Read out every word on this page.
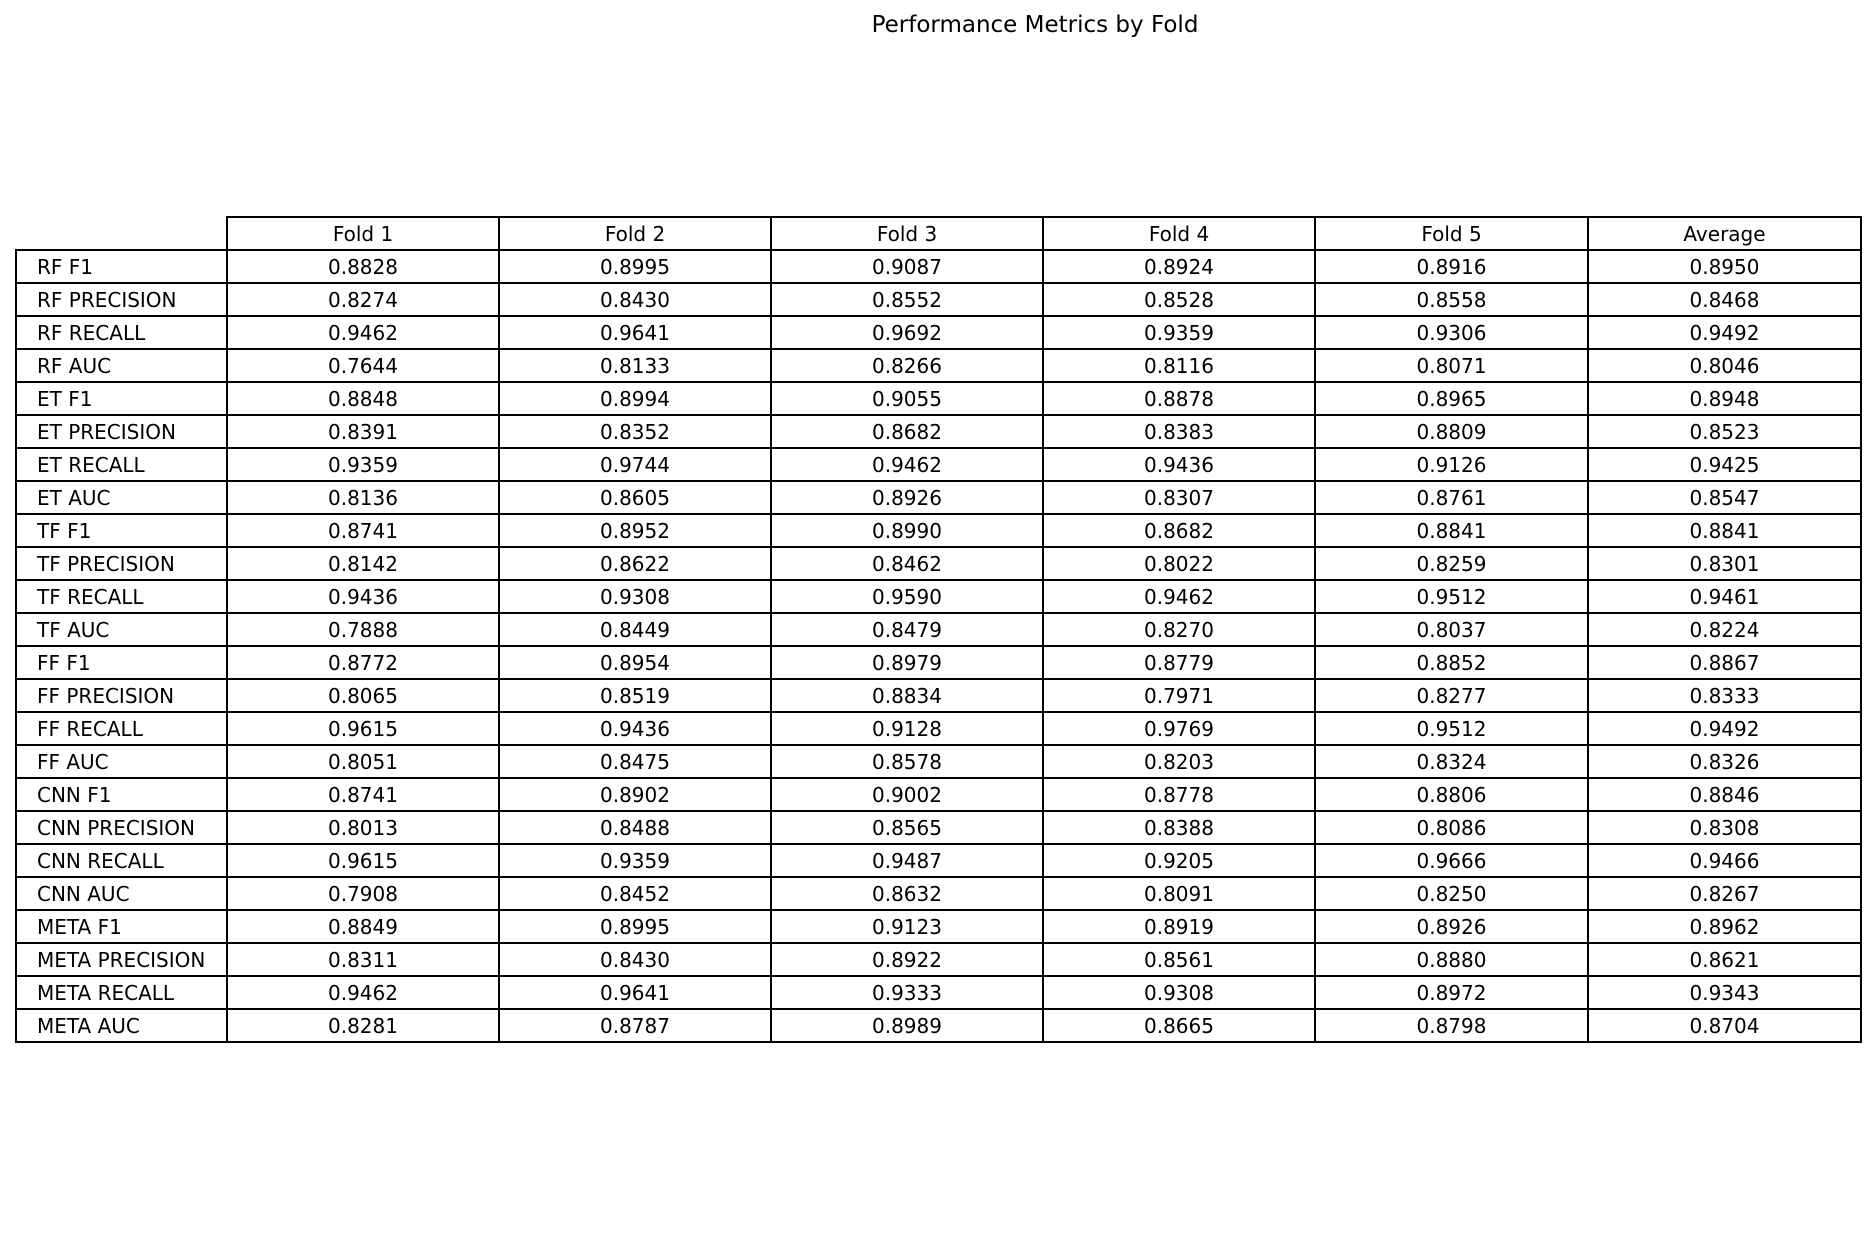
Performance Metrics by Fold
	Fold 1	Fold 2	Fold 3	Fold 4	Fold 5	Average
RF F1	0.8828	0.8995	0.9087	0.8924	0.8916	0.8950
RF PRECISION	0.8274	0.8430	0.8552	0.8528	0.8558	0.8468
RF RECALL	0.9462	0.9641	0.9692	0.9359	0.9306	0.9492
RF AUC	0.7644	0.8133	0.8266	0.8116	0.8071	0.8046
ET F1	0.8848	0.8994	0.9055	0.8878	0.8965	0.8948
ET PRECISION	0.8391	0.8352	0.8682	0.8383	0.8809	0.8523
ET RECALL	0.9359	0.9744	0.9462	0.9436	0.9126	0.9425
ET AUC	0.8136	0.8605	0.8926	0.8307	0.8761	0.8547
TF F1	0.8741	0.8952	0.8990	0.8682	0.8841	0.8841
TF PRECISION	0.8142	0.8622	0.8462	0.8022	0.8259	0.8301
TF RECALL	0.9436	0.9308	0.9590	0.9462	0.9512	0.9461
TF AUC	0.7888	0.8449	0.8479	0.8270	0.8037	0.8224
FF F1	0.8772	0.8954	0.8979	0.8779	0.8852	0.8867
FF PRECISION	0.8065	0.8519	0.8834	0.7971	0.8277	0.8333
FF RECALL	0.9615	0.9436	0.9128	0.9769	0.9512	0.9492
FF AUC	0.8051	0.8475	0.8578	0.8203	0.8324	0.8326
CNN F1	0.8741	0.8902	0.9002	0.8778	0.8806	0.8846
CNN PRECISION	0.8013	0.8488	0.8565	0.8388	0.8086	0.8308
CNN RECALL	0.9615	0.9359	0.9487	0.9205	0.9666	0.9466
CNN AUC	0.7908	0.8452	0.8632	0.8091	0.8250	0.8267
META F1	0.8849	0.8995	0.9123	0.8919	0.8926	0.8962
META PRECISION	0.8311	0.8430	0.8922	0.8561	0.8880	0.8621
META RECALL	0.9462	0.9641	0.9333	0.9308	0.8972	0.9343
META AUC	0.8281	0.8787	0.8989	0.8665	0.8798	0.8704
